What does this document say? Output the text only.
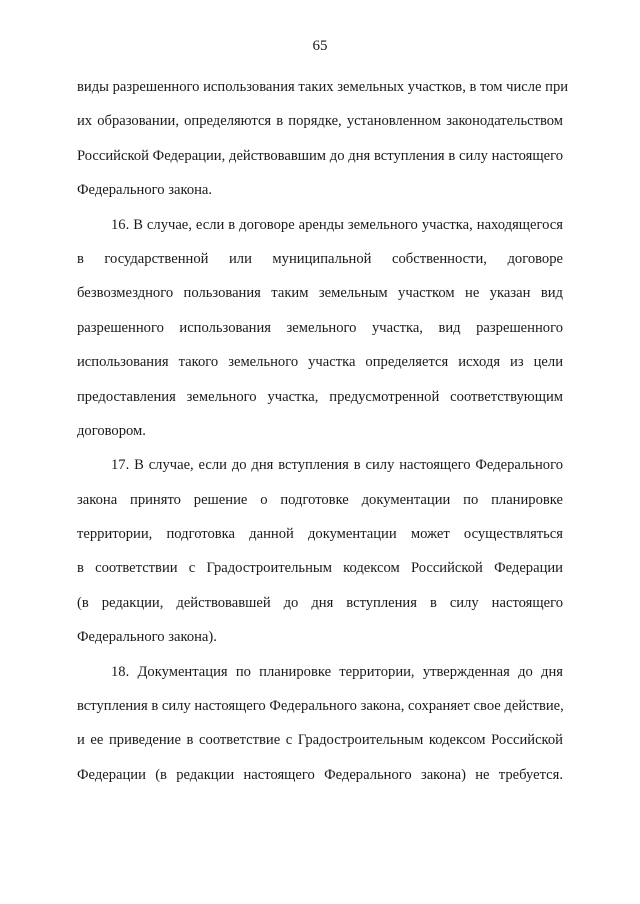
65
виды разрешенного использования таких земельных участков, в том числе при
их образовании, определяются в порядке, установленном законодательством
Российской Федерации, действовавшим до дня вступления в силу настоящего
Федерального закона.
16. В случае, если в договоре аренды земельного участка, находящегося
в государственной или муниципальной собственности, договоре
безвозмездного пользования таким земельным участком не указан вид
разрешенного использования земельного участка, вид разрешенного
использования такого земельного участка определяется исходя из цели
предоставления земельного участка, предусмотренной соответствующим
договором.
17. В случае, если до дня вступления в силу настоящего Федерального
закона принято решение о подготовке документации по планировке
территории, подготовка данной документации может осуществляться
в соответствии с Градостроительным кодексом Российской Федерации
(в редакции, действовавшей до дня вступления в силу настоящего
Федерального закона).
18. Документация по планировке территории, утвержденная до дня
вступления в силу настоящего Федерального закона, сохраняет свое действие,
и ее приведение в соответствие с Градостроительным кодексом Российской
Федерации (в редакции настоящего Федерального закона) не требуется.
